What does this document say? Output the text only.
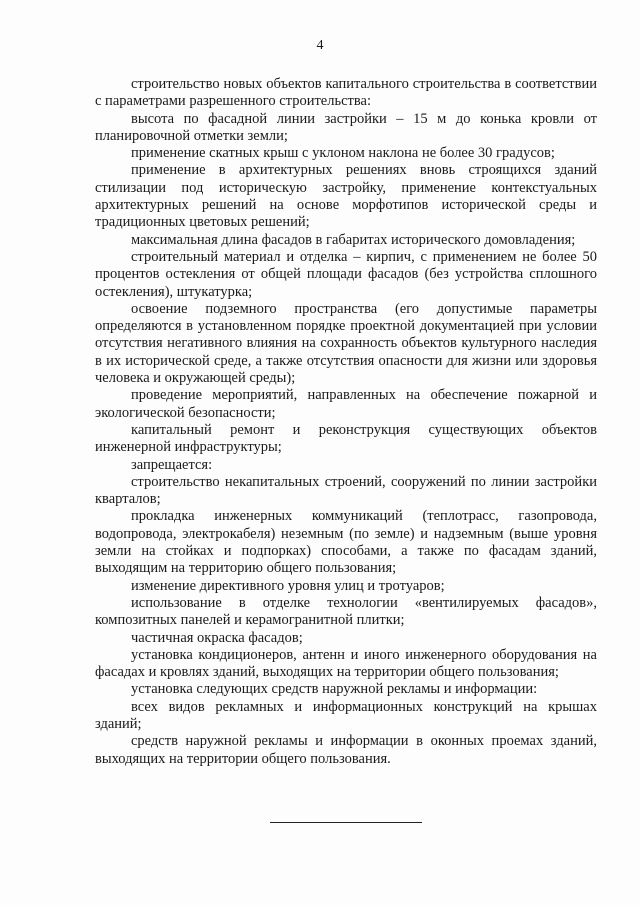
4

строительство новых объектов капитального строительства в соответствии с параметрами разрешенного строительства:

высота по фасадной линии застройки – 15 м до конька кровли от планировочной отметки земли;

применение скатных крыш с уклоном наклона не более 30 градусов;

применение в архитектурных решениях вновь строящихся зданий стилизации под историческую застройку, применение контекстуальных архитектурных решений на основе морфотипов исторической среды и традиционных цветовых решений;

максимальная длина фасадов в габаритах исторического домовладения;

строительный материал и отделка – кирпич, с применением не более 50 процентов остекления от общей площади фасадов (без устройства сплошного остекления), штукатурка;

освоение подземного пространства (его допустимые параметры определяются в установленном порядке проектной документацией при условии отсутствия негативного влияния на сохранность объектов культурного наследия в их исторической среде, а также отсутствия опасности для жизни или здоровья человека и окружающей среды);

проведение мероприятий, направленных на обеспечение пожарной и экологической безопасности;

капитальный ремонт и реконструкция существующих объектов инженерной инфраструктуры;

запрещается:

строительство некапитальных строений, сооружений по линии застройки кварталов;

прокладка инженерных коммуникаций (теплотрасс, газопровода, водопровода, электрокабеля) неземным (по земле) и надземным (выше уровня земли на стойках и подпорках) способами, а также по фасадам зданий, выходящим на территорию общего пользования;

изменение директивного уровня улиц и тротуаров;

использование в отделке технологии «вентилируемых фасадов», композитных панелей и керамогранитной плитки;

частичная окраска фасадов;

установка кондиционеров, антенн и иного инженерного оборудования на фасадах и кровлях зданий, выходящих на территории общего пользования;

установка следующих средств наружной рекламы и информации:

всех видов рекламных и информационных конструкций на крышах зданий;

средств наружной рекламы и информации в оконных проемах зданий, выходящих на территории общего пользования.
